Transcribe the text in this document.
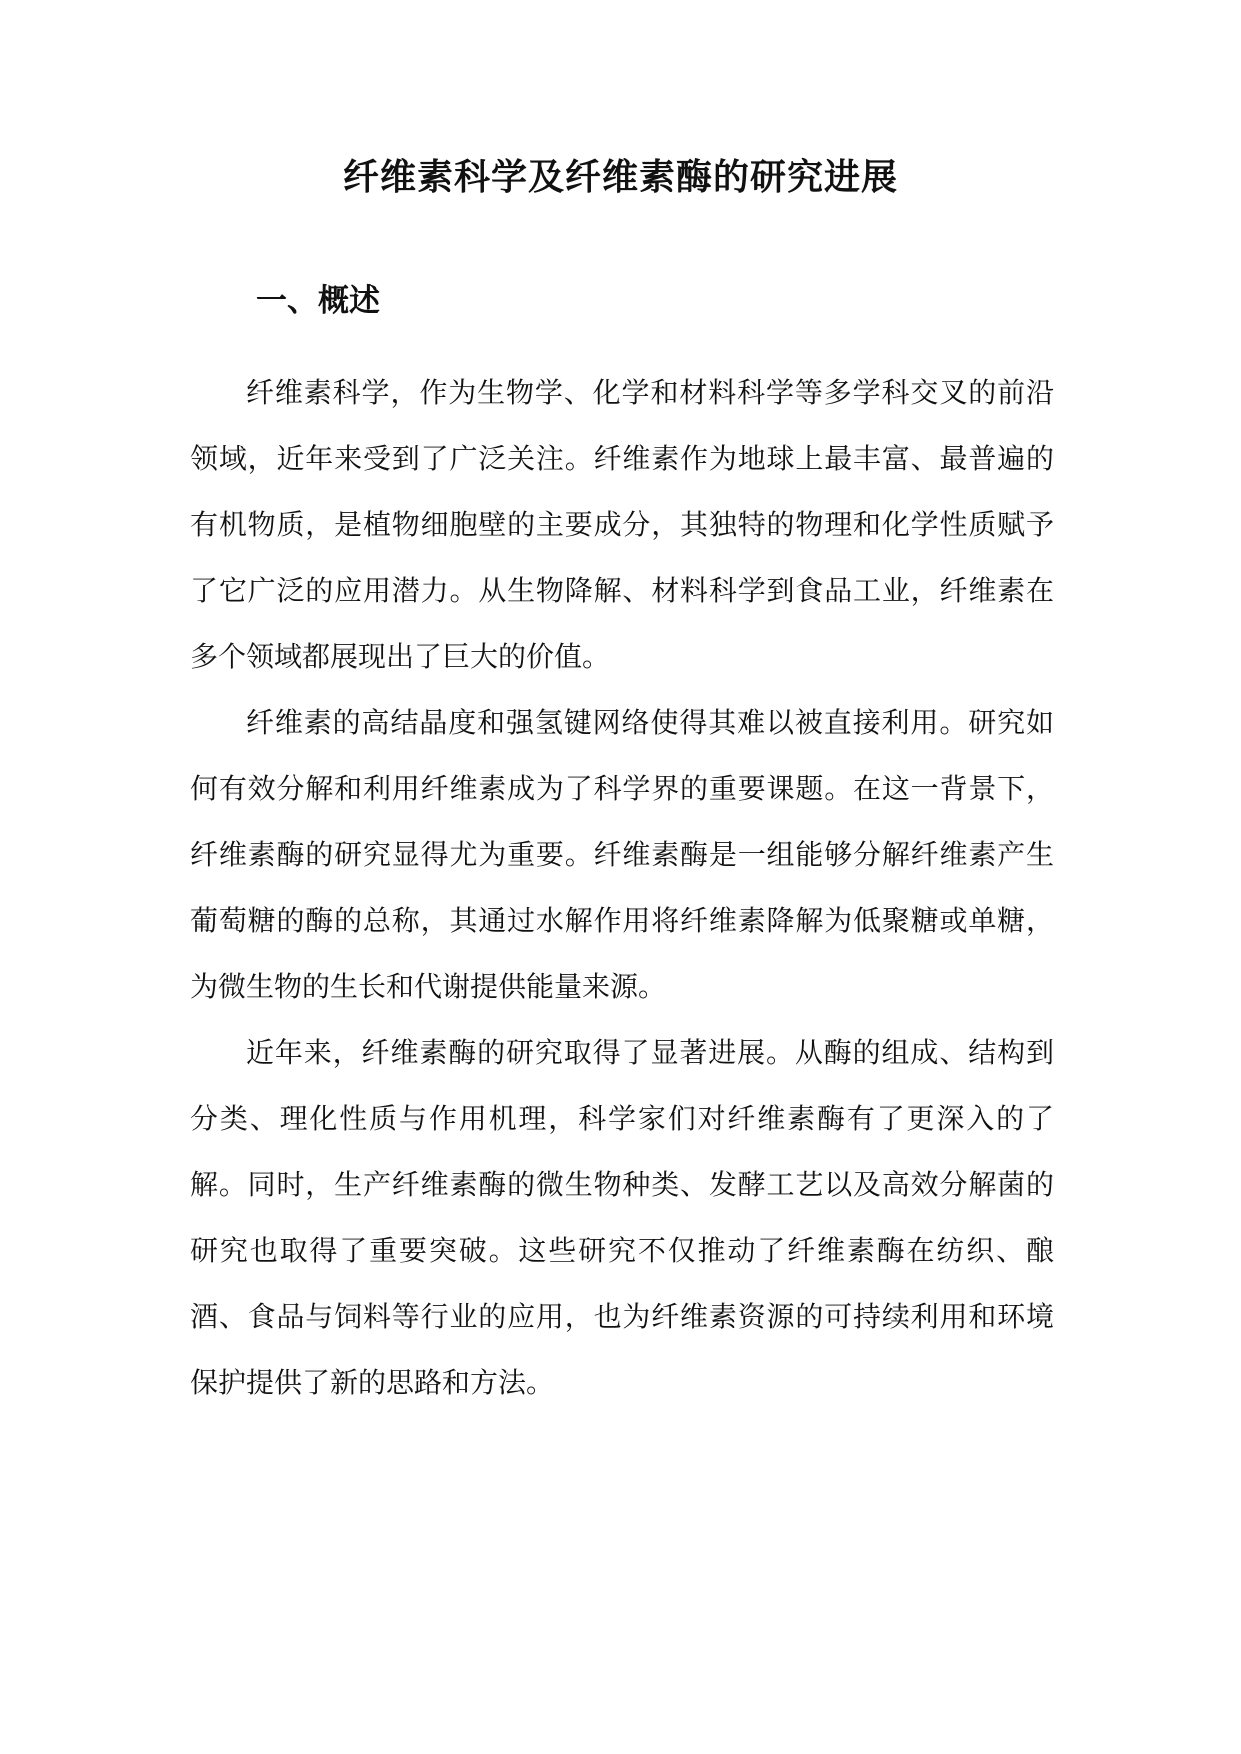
纤维素科学及纤维素酶的研究进展
一、概述

纤维素科学，作为生物学、化学和材料科学等多学科交叉的前沿领域，近年来受到了广泛关注。纤维素作为地球上最丰富、最普遍的有机物质，是植物细胞壁的主要成分，其独特的物理和化学性质赋予了它广泛的应用潜力。从生物降解、材料科学到食品工业，纤维素在多个领域都展现出了巨大的价值。

纤维素的高结晶度和强氢键网络使得其难以被直接利用。研究如何有效分解和利用纤维素成为了科学界的重要课题。在这一背景下，纤维素酶的研究显得尤为重要。纤维素酶是一组能够分解纤维素产生葡萄糖的酶的总称，其通过水解作用将纤维素降解为低聚糖或单糖，为微生物的生长和代谢提供能量来源。

近年来，纤维素酶的研究取得了显著进展。从酶的组成、结构到分类、理化性质与作用机理，科学家们对纤维素酶有了更深入的了解。同时，生产纤维素酶的微生物种类、发酵工艺以及高效分解菌的研究也取得了重要突破。这些研究不仅推动了纤维素酶在纺织、酿酒、食品与饲料等行业的应用，也为纤维素资源的可持续利用和环境保护提供了新的思路和方法。
